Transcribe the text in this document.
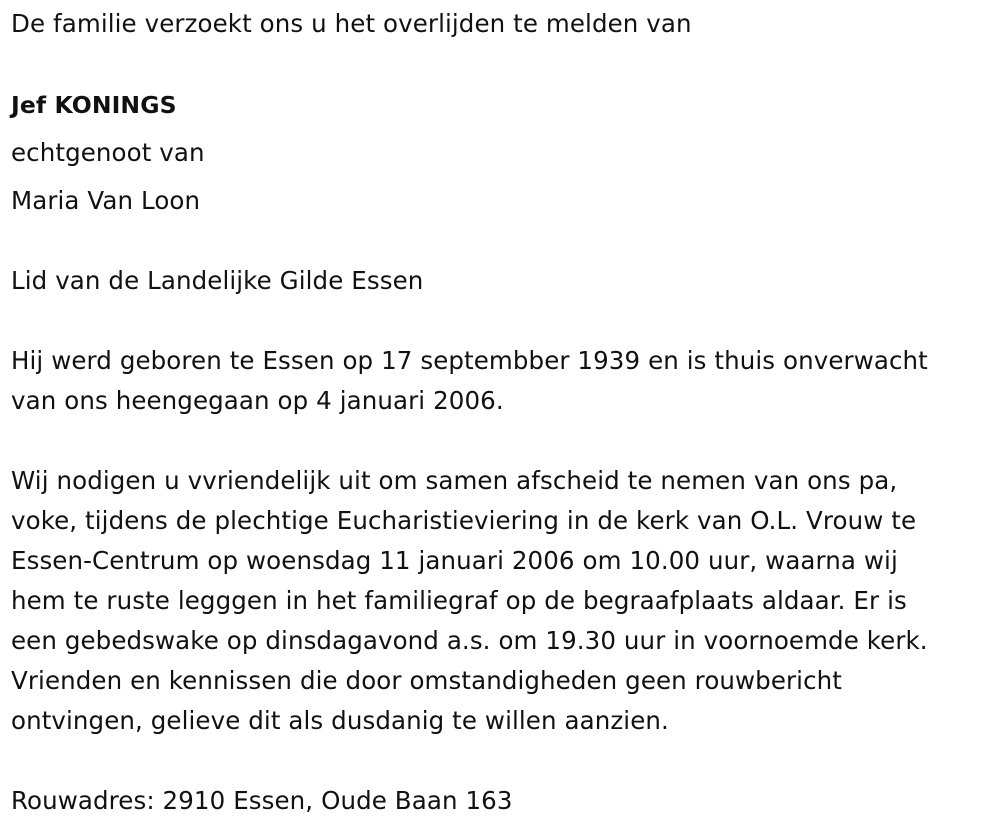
De familie verzoekt ons u het overlijden te melden van
Jef KONINGS
echtgenoot van
Maria Van Loon
Lid van de Landelijke Gilde Essen
Hij werd geboren te Essen op 17 septembber 1939 en is thuis onverwacht
van ons heengegaan op 4 januari 2006.
Wij nodigen u vvriendelijk uit om samen afscheid te nemen van ons pa,
voke, tijdens de plechtige Eucharistieviering in de kerk van O.L. Vrouw te
Essen-Centrum op woensdag 11 januari 2006 om 10.00 uur, waarna wij
hem te ruste legggen in het familiegraf op de begraafplaats aldaar. Er is
een gebedswake op dinsdagavond a.s. om 19.30 uur in voornoemde kerk.
Vrienden en kennissen die door omstandigheden geen rouwbericht
ontvingen, gelieve dit als dusdanig te willen aanzien.
Rouwadres: 2910 Essen, Oude Baan 163
